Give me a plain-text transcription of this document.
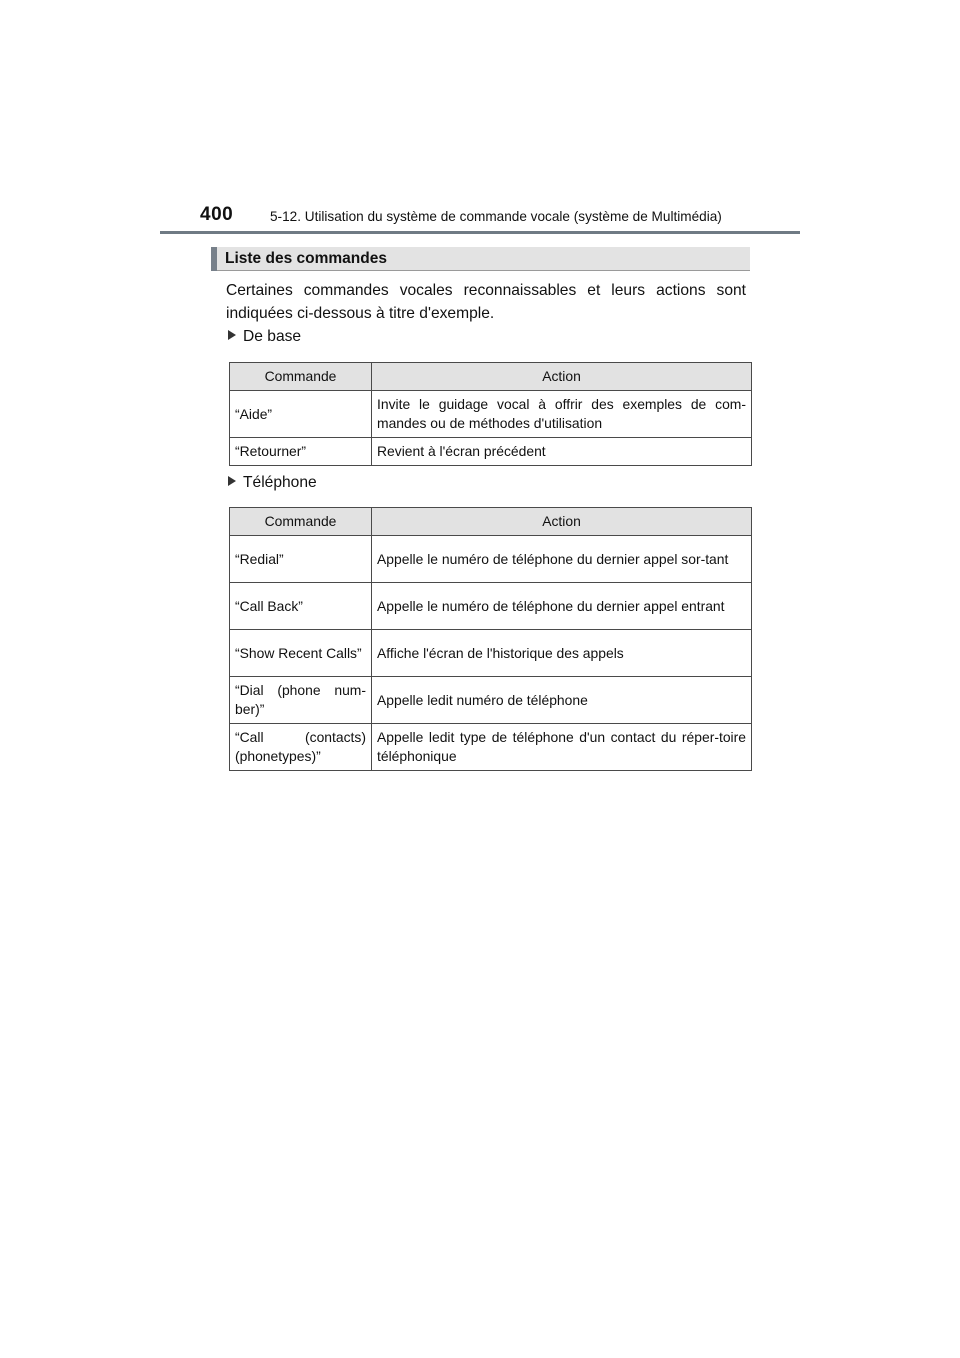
400	5-12. Utilisation du système de commande vocale (système de Multimédia)
Liste des commandes

Certaines commandes vocales reconnaissables et leurs actions sont indiquées ci-dessous à titre d'exemple.

De base
Commande	Action
“Aide”	Invite le guidage vocal à offrir des exemples de com-mandes ou de méthodes d'utilisation
“Retourner”	Revient à l'écran précédent
Téléphone
Commande	Action
“Redial”	Appelle le numéro de téléphone du dernier appel sor-tant
“Call Back”	Appelle le numéro de téléphone du dernier appel entrant
“Show Recent Calls”	Affiche l'écran de l'historique des appels
“Dial (phone num-ber)”	Appelle ledit numéro de téléphone
“Call (contacts) (phonetypes)”	Appelle ledit type de téléphone d'un contact du réper-toire téléphonique
